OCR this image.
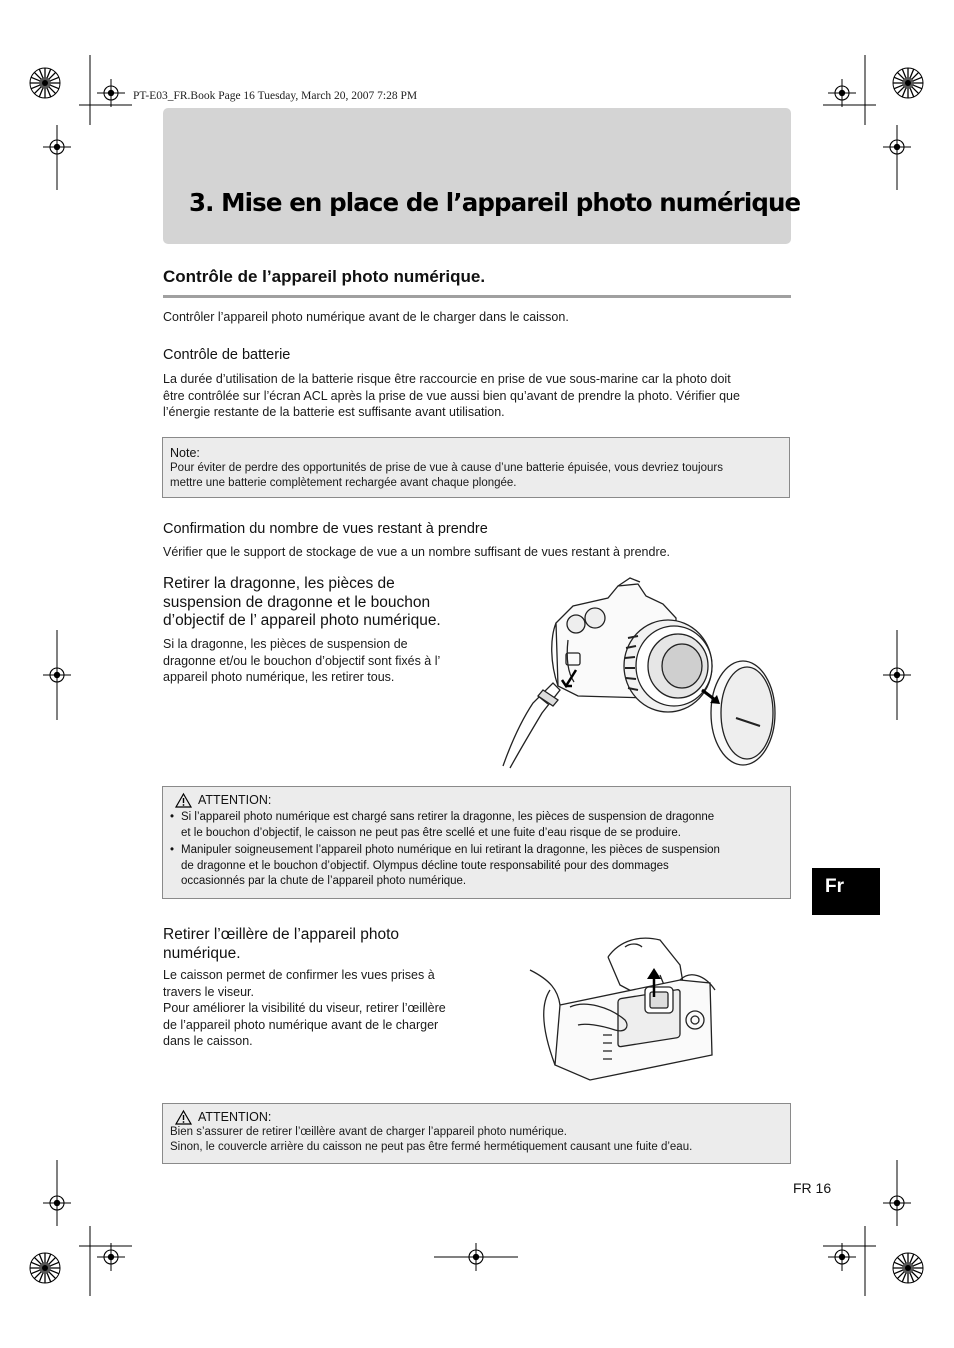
PT-E03_FR.Book Page 16 Tuesday, March 20, 2007 7:28 PM
3. Mise en place de l’appareil photo numérique
Contrôle de l’appareil photo numérique.
Contrôler l’appareil photo numérique avant de le charger dans le caisson.
Contrôle de batterie
La durée d’utilisation de la batterie risque être raccourcie en prise de vue sous-marine car la photo doit
être contrôlée sur l’écran ACL après la prise de vue aussi bien qu’avant de prendre la photo. Vérifier que
l’énergie restante de la batterie est suffisante avant utilisation.
Note:
Pour éviter de perdre des opportunités de prise de vue à cause d’une batterie épuisée, vous devriez toujours
mettre une batterie complètement rechargée avant chaque plongée.
Confirmation du nombre de vues restant à prendre
Vérifier que le support de stockage de vue a un nombre suffisant de vues restant à prendre.
Retirer la dragonne, les pièces de
suspension de dragonne et le bouchon
d’objectif de l’ appareil photo numérique.
Si la dragonne, les pièces de suspension de
dragonne et/ou le bouchon d’objectif sont fixés à l’
appareil photo numérique, les retirer tous.
ATTENTION:
• Si l’appareil photo numérique est chargé sans retirer la dragonne, les pièces de suspension de dragonne
et le bouchon d’objectif, le caisson ne peut pas être scellé et une fuite d’eau risque de se produire.
• Manipuler soigneusement l’appareil photo numérique en lui retirant la dragonne, les pièces de suspension
de dragonne et le bouchon d’objectif. Olympus décline toute responsabilité pour des dommages
occasionnés par la chute de l’appareil photo numérique.	Fr
Retirer l’œillère de l’appareil photo
numérique.
Le caisson permet de confirmer les vues prises à
travers le viseur.
Pour améliorer la visibilité du viseur, retirer l’œillère
de l’appareil photo numérique avant de le charger
dans le caisson.
ATTENTION:
Bien s’assurer de retirer l’œillère avant de charger l’appareil photo numérique.
Sinon, le couvercle arrière du caisson ne peut pas être fermé hermétiquement causant une fuite d’eau.
FR 16
